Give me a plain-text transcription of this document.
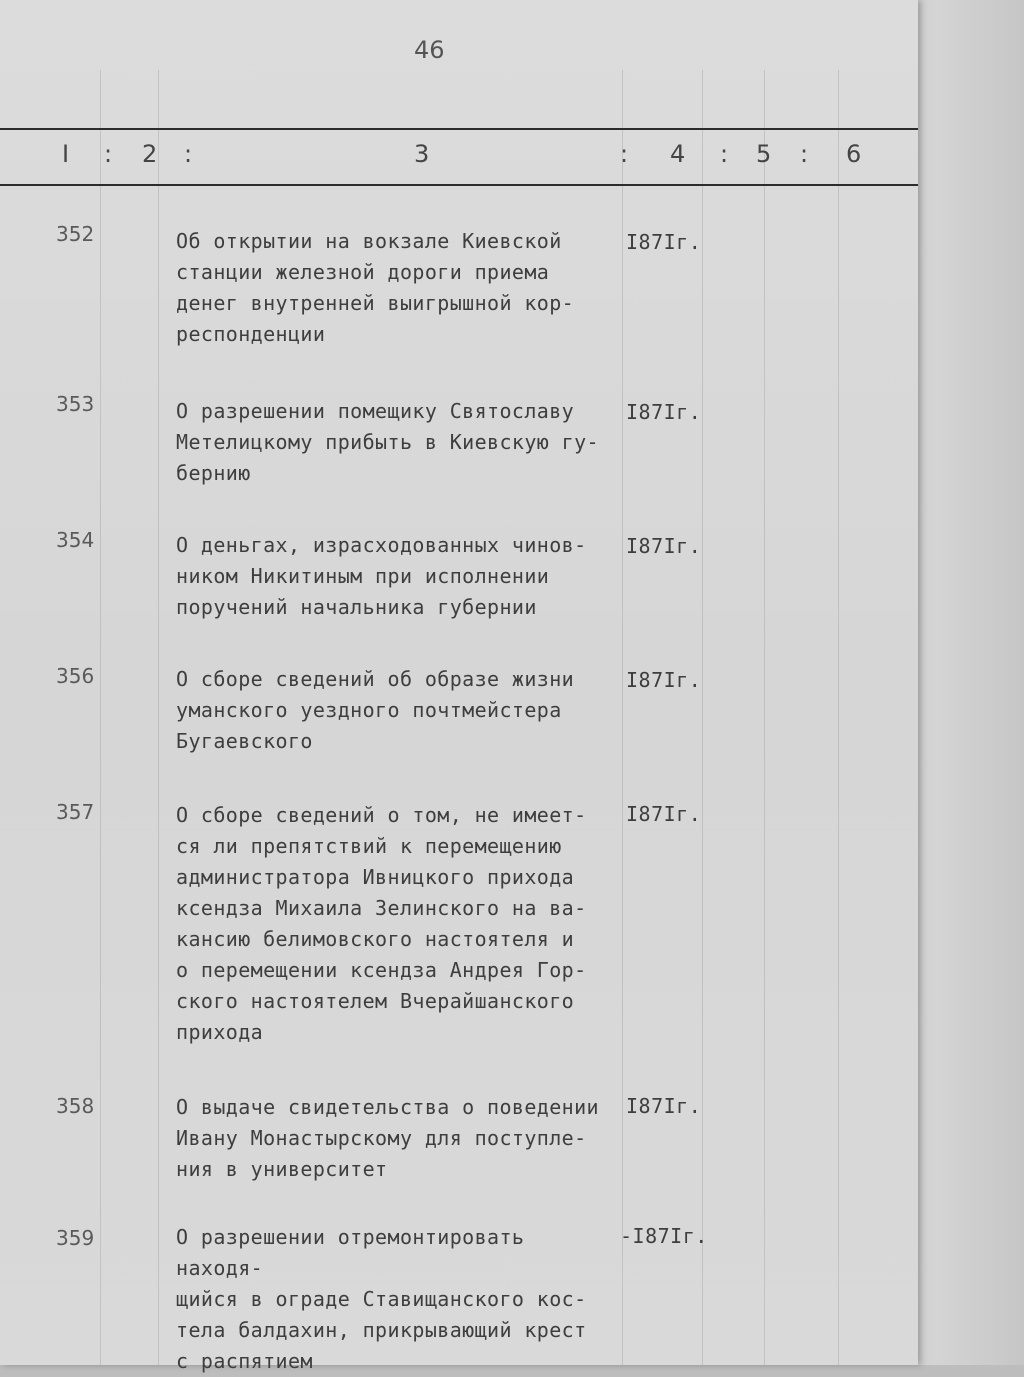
46
I : 2 :	3	: 4 : 5 : 6
352	Об открытии на вокзале Киевской
станции железной дороги приема
денег внутренней выигрышной кор-
респонденции
I87Iг.
353	О разрешении помещику Святославу
Метелицкому прибыть в Киевскую гу-
бернию
I87Iг.
354	О деньгах, израсходованных чинов-
ником Никитиным при исполнении
поручений начальника губернии
I87Iг.
356	О сборе сведений об образе жизни
уманского уездного почтмейстера
Бугаевского
I87Iг.
357	О сборе сведений о том, не имеет-
ся ли препятствий к перемещению
администратора Ивницкого прихода
ксендза Михаила Зелинского на ва-
кансию белимовского настоятеля и
о перемещении ксендза Андрея Гор-
ского настоятелем Вчерайшанского
прихода
I87Iг.
358	О выдаче свидетельства о поведении
Ивану Монастырскому для поступле-
ния в университет
I87Iг.
359	О разрешении отремонтировать находя-
щийся в ограде Ставищанского кос-
тела балдахин, прикрывающий крест
с распятием
-I87Iг.
